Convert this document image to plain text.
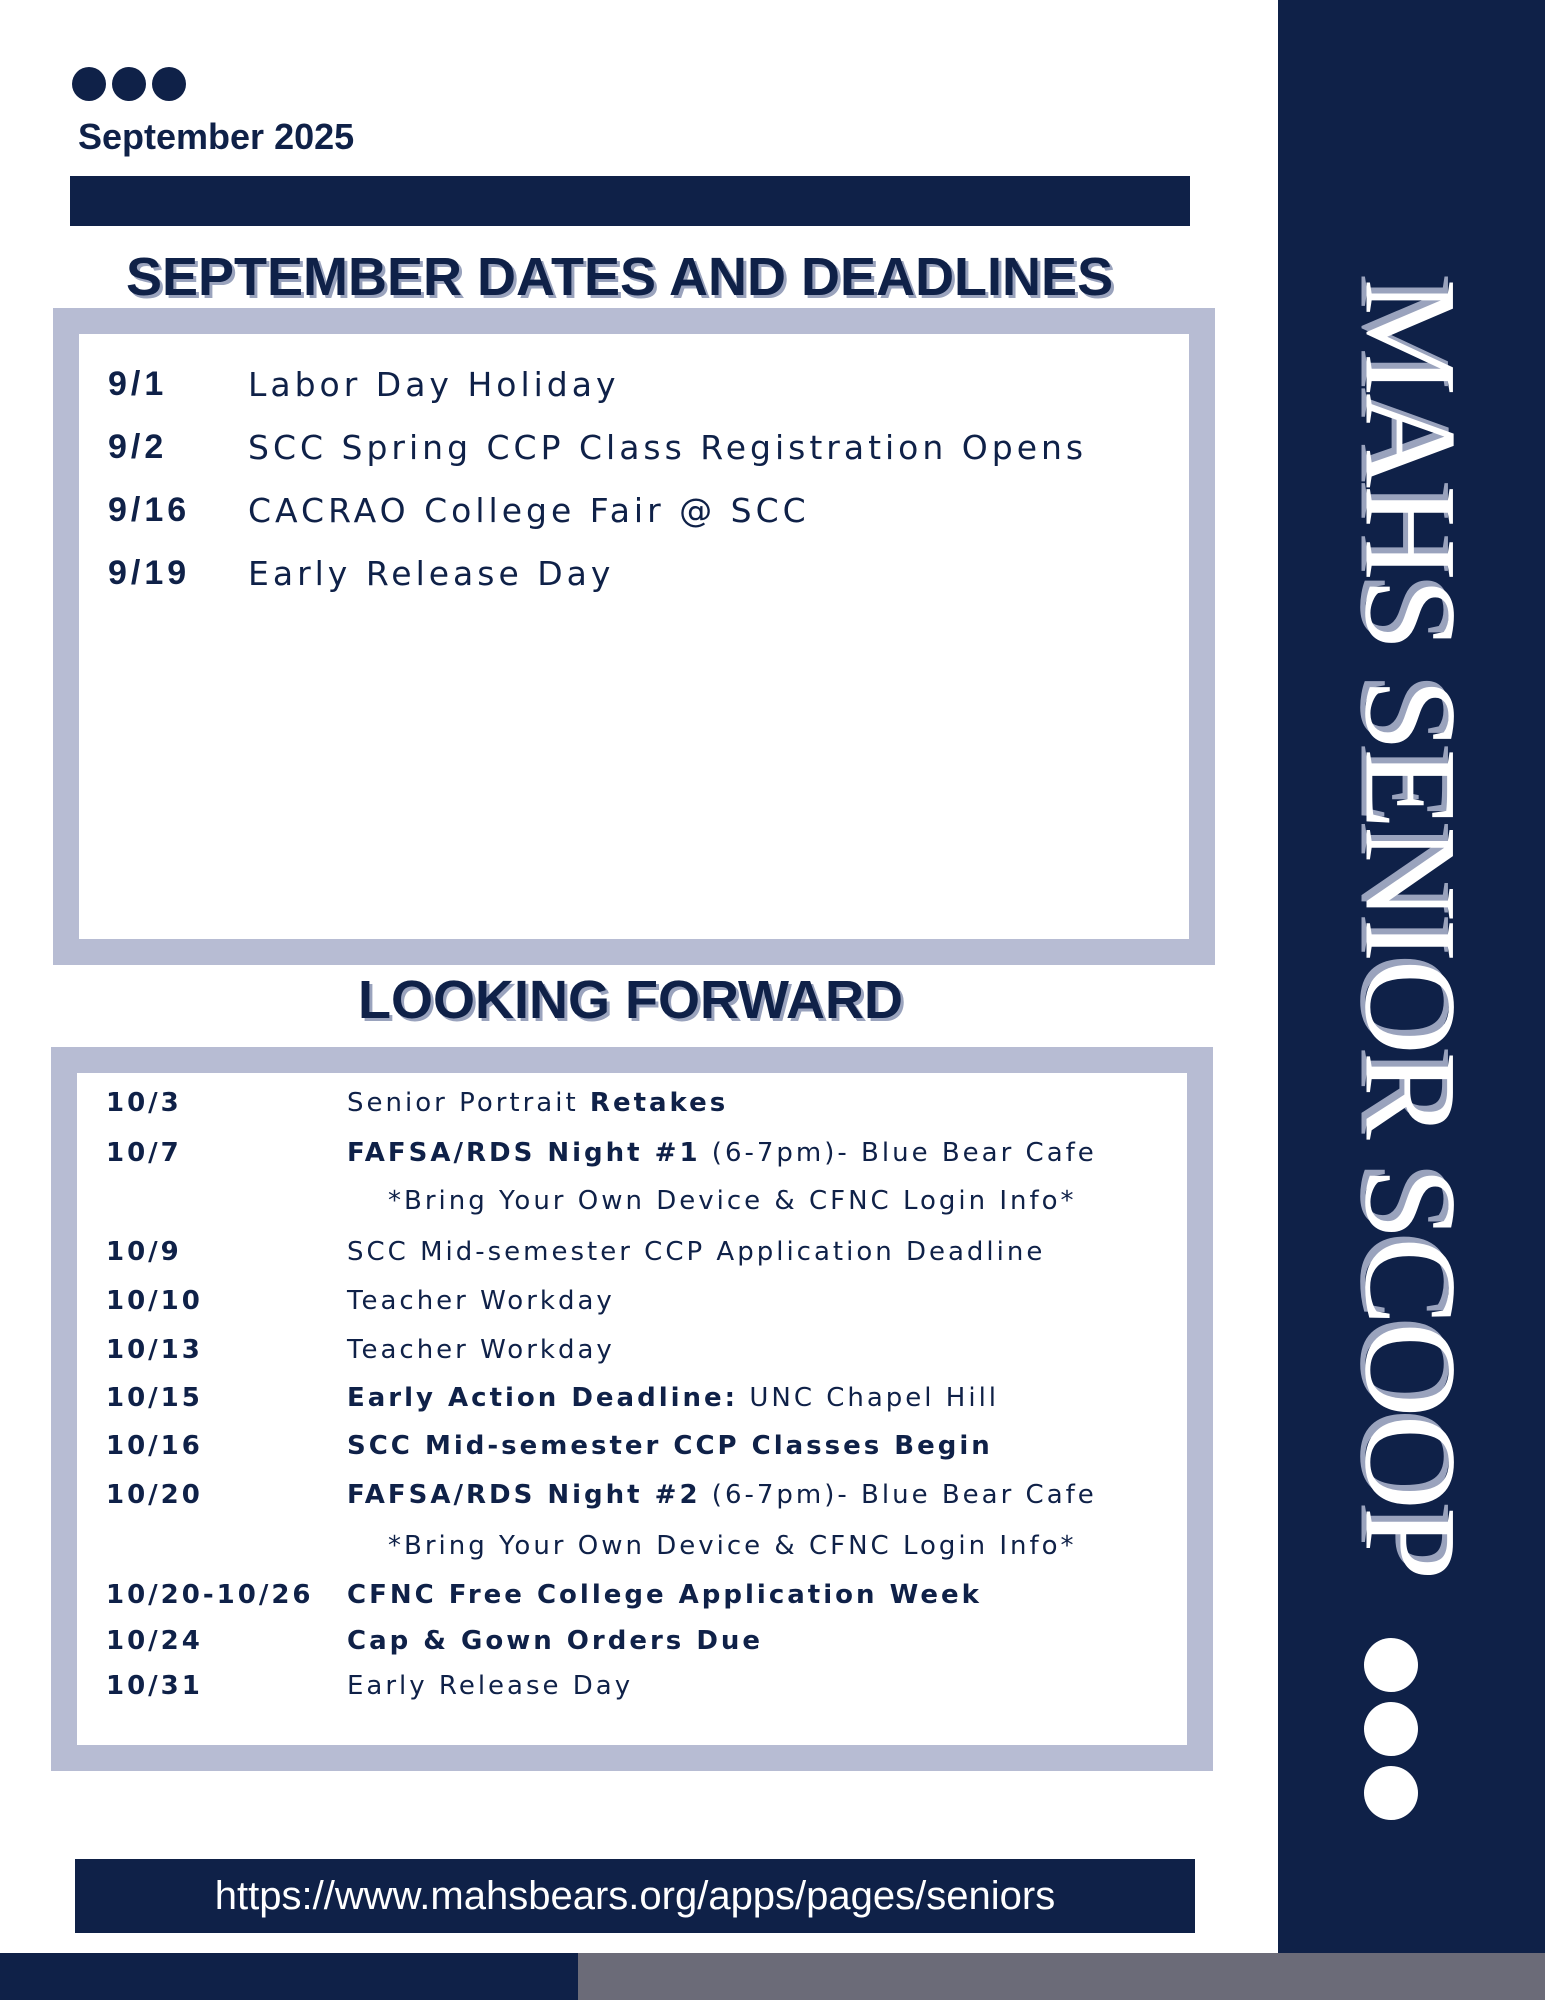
September 2025
MAHS SENIOR SCOOP
SEPTEMBER DATES AND DEADLINES
9/1	Labor Day Holiday
9/2	SCC Spring CCP Class Registration Opens
9/16	CACRAO College Fair @ SCC
9/19	Early Release Day
LOOKING FORWARD
10/3	Senior Portrait Retakes
10/7	FAFSA/RDS Night #1 (6-7pm)- Blue Bear Cafe
*Bring Your Own Device & CFNC Login Info*
10/9	SCC Mid-semester CCP Application Deadline
10/10	Teacher Workday
10/13	Teacher Workday
10/15	Early Action Deadline: UNC Chapel Hill
10/16	SCC Mid-semester CCP Classes Begin
10/20	FAFSA/RDS Night #2 (6-7pm)- Blue Bear Cafe
*Bring Your Own Device & CFNC Login Info*
10/20-10/26	CFNC Free College Application Week
10/24	Cap & Gown Orders Due
10/31	Early Release Day
https://www.mahsbears.org/apps/pages/seniors
